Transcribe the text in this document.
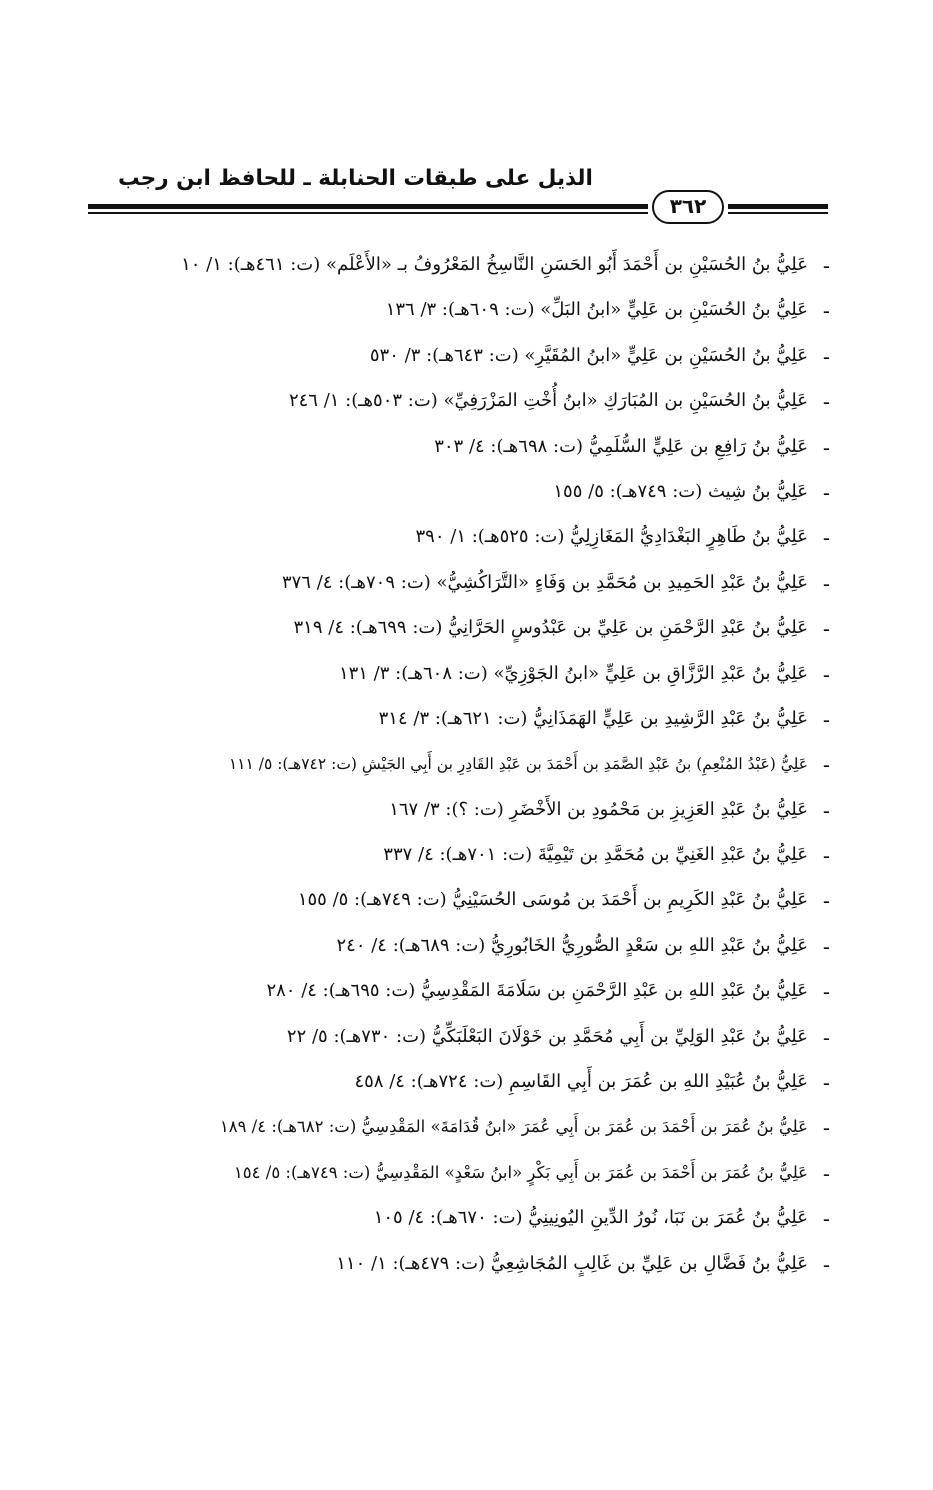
الذيل على طبقات الحنابلة ـ للحافظ ابن رجب
٣٦٢
-
عَلِيُّ بنُ الحُسَيْنِ بن أَحْمَدَ أَبُو الحَسَنِ النَّاسِخُ المَعْرُوفُ بـ «الأَعْلَم» (ت: ٤٦١هـ): ١/ ١٠
-
عَلِيُّ بنُ الحُسَيْنِ بن عَلِيٍّ «ابنُ البَلِّ» (ت: ٦٠٩هـ): ٣/ ١٣٦
-
عَلِيُّ بنُ الحُسَيْنِ بن عَلِيٍّ «ابنُ المُقَيَّرِ» (ت: ٦٤٣هـ): ٣/ ٥٣٠
-
عَلِيُّ بنُ الحُسَيْنِ بن المُبَارَكِ «ابنُ أُخْتِ المَزْرَفِيِّ» (ت: ٥٠٣هـ): ١/ ٢٤٦
-
عَلِيُّ بنُ رَافِعِ بن عَلِيٍّ السُّلَمِيُّ (ت: ٦٩٨هـ): ٤/ ٣٠٣
-
عَلِيُّ بنُ شِيث (ت: ٧٤٩هـ): ٥/ ١٥٥
-
عَلِيُّ بنُ طَاهِرٍ البَغْدَادِيُّ المَغَازِلِيُّ (ت: ٥٢٥هـ): ١/ ٣٩٠
-
عَلِيُّ بنُ عَبْدِ الحَمِيدِ بن مُحَمَّدِ بن وَفَاءٍ «التَّرَاكُشِيُّ» (ت: ٧٠٩هـ): ٤/ ٣٧٦
-
عَلِيُّ بنُ عَبْدِ الرَّحْمَنِ بن عَلِيِّ بن عَبْدُوسٍ الحَرَّانِيُّ (ت: ٦٩٩هـ): ٤/ ٣١٩
-
عَلِيُّ بنُ عَبْدِ الرَّزَّاقِ بن عَلِيٍّ «ابنُ الجَوْزِيِّ» (ت: ٦٠٨هـ): ٣/ ١٣١
-
عَلِيُّ بنُ عَبْدِ الرَّشِيدِ بن عَلِيٍّ الهَمَذَانِيُّ (ت: ٦٢١هـ): ٣/ ٣١٤
-
عَلِيُّ (عَبْدُ المُنْعِمِ) بنُ عَبْدِ الصَّمَدِ بن أَحْمَدَ بن عَبْدِ القَادِرِ بن أَبِي الجَيْشِ (ت: ٧٤٢هـ): ٥/ ١١١
-
عَلِيُّ بنُ عَبْدِ العَزِيزِ بن مَحْمُودِ بن الأَخْضَرِ (ت: ؟): ٣/ ١٦٧
-
عَلِيُّ بنُ عَبْدِ الغَنِيِّ بن مُحَمَّدِ بن تَيْمِيَّةَ (ت: ٧٠١هـ): ٤/ ٣٣٧
-
عَلِيُّ بنُ عَبْدِ الكَرِيمِ بن أَحْمَدَ بن مُوسَى الحُسَيْنِيُّ (ت: ٧٤٩هـ): ٥/ ١٥٥
-
عَلِيُّ بنُ عَبْدِ اللهِ بن سَعْدٍ الصُّورِيُّ الخَابُورِيُّ (ت: ٦٨٩هـ): ٤/ ٢٤٠
-
عَلِيُّ بنُ عَبْدِ اللهِ بن عَبْدِ الرَّحْمَنِ بن سَلَامَةَ المَقْدِسِيُّ (ت: ٦٩٥هـ): ٤/ ٢٨٠
-
عَلِيُّ بنُ عَبْدِ الوَلِيِّ بن أَبِي مُحَمَّدِ بن خَوْلَانَ البَعْلَبَكِّيُّ (ت: ٧٣٠هـ): ٥/ ٢٢
-
عَلِيُّ بنُ عُبَيْدِ اللهِ بن عُمَرَ بن أَبِي القَاسِمِ (ت: ٧٢٤هـ): ٤/ ٤٥٨
-
عَلِيُّ بنُ عُمَرَ بن أَحْمَدَ بن عُمَرَ بن أَبِي عُمَرَ «ابنُ قُدَامَةَ» المَقْدِسِيُّ (ت: ٦٨٢هـ): ٤/ ١٨٩
-
عَلِيُّ بنُ عُمَرَ بن أَحْمَدَ بن عُمَرَ بن أَبِي بَكْرٍ «ابنُ سَعْدٍ» المَقْدِسِيُّ (ت: ٧٤٩هـ): ٥/ ١٥٤
-
عَلِيُّ بنُ عُمَرَ بن نَبَا، نُورُ الدِّينِ اليُونِينِيُّ (ت: ٦٧٠هـ): ٤/ ١٠٥
-
عَلِيُّ بنُ فَضَّالِ بن عَلِيِّ بن غَالِبٍ المُجَاشِعِيُّ (ت: ٤٧٩هـ): ١/ ١١٠
